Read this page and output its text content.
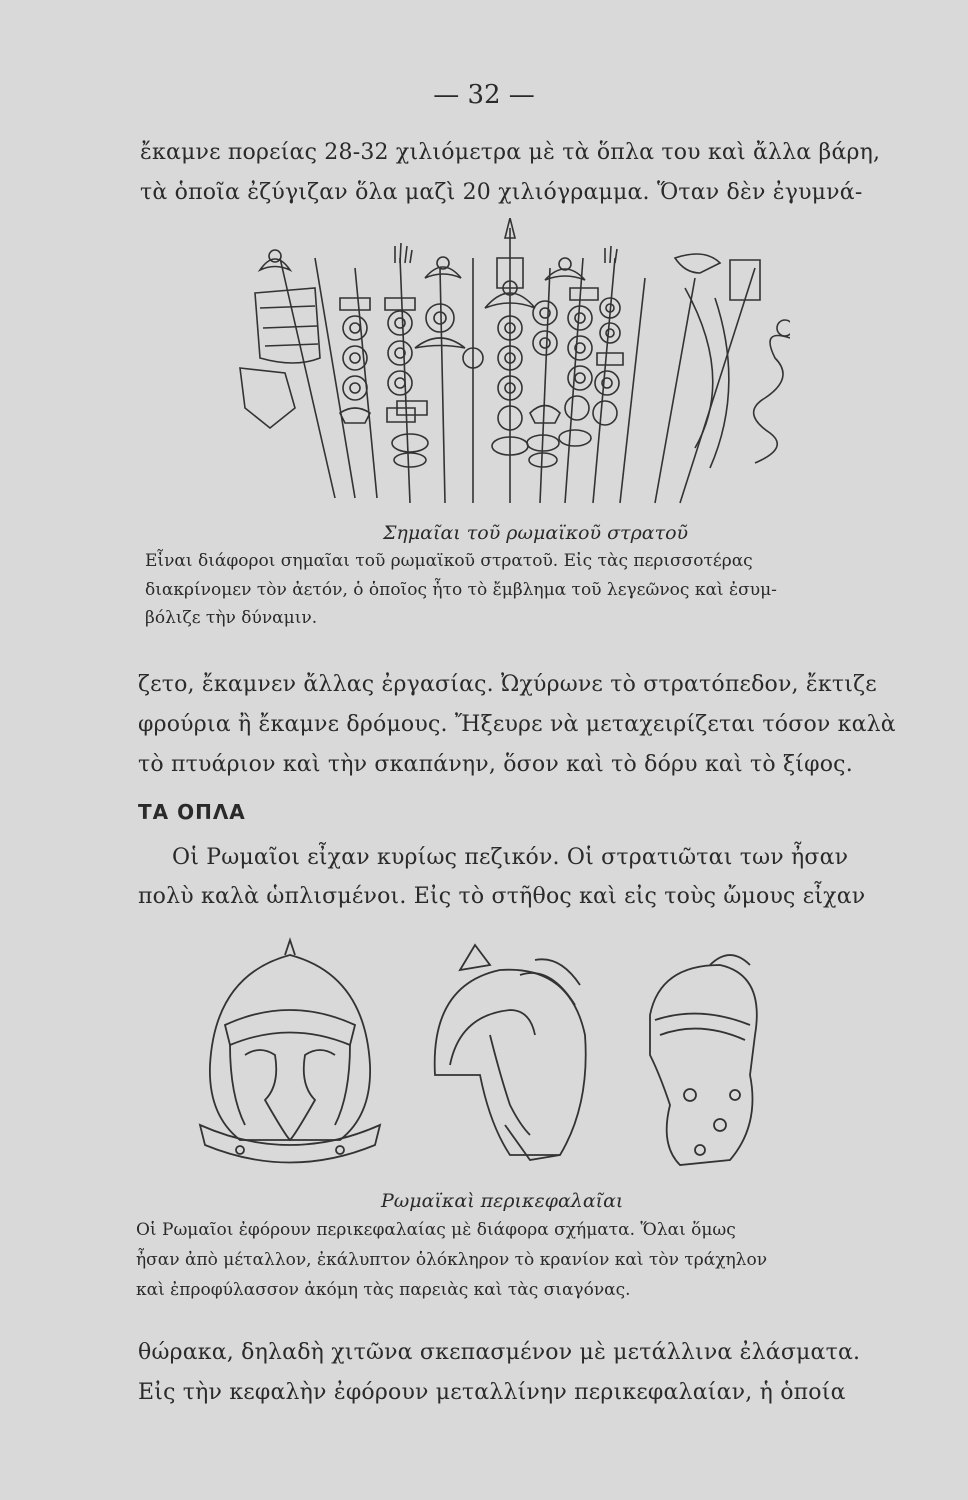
— 32 —
ἔκαμνε πορείας 28-32 χιλιόμετρα μὲ τὰ ὅπλα του καὶ ἄλλα βάρη,
τὰ ὁποῖα ἐζύγιζαν ὅλα μαζὶ 20 χιλιόγραμμα. Ὅταν δὲν ἐγυμνά-
Σημαῖαι τοῦ ρωμαϊκοῦ στρατοῦ
Εἶναι διάφοροι σημαῖαι τοῦ ρωμαϊκοῦ στρατοῦ. Εἰς τὰς περισσοτέρας
διακρίνομεν τὸν ἀετόν, ὁ ὁποῖος ἦτο τὸ ἔμβλημα τοῦ λεγεῶνος καὶ ἐσυμ-
βόλιζε τὴν δύναμιν.
ζετο, ἔκαμνεν ἄλλας ἐργασίας. Ὠχύρωνε τὸ στρατόπεδον, ἔκτιζε
φρούρια ἢ ἔκαμνε δρόμους. Ἤξευρε νὰ μεταχειρίζεται τόσον καλὰ
τὸ πτυάριον καὶ τὴν σκαπάνην, ὅσον καὶ τὸ δόρυ καὶ τὸ ξίφος.
ΤΑ ΟΠΛΑ
Οἱ Ρωμαῖοι εἶχαν κυρίως πεζικόν. Οἱ στρατιῶται των ἦσαν
πολὺ καλὰ ὡπλισμένοι. Εἰς τὸ στῆθος καὶ εἰς τοὺς ὤμους εἶχαν
Ρωμαϊκαὶ περικεφαλαῖαι
Οἱ Ρωμαῖοι ἐφόρουν περικεφαλαίας μὲ διάφορα σχήματα. Ὅλαι ὅμως
ἦσαν ἀπὸ μέταλλον, ἐκάλυπτον ὁλόκληρον τὸ κρανίον καὶ τὸν τράχηλον
καὶ ἐπροφύλασσον ἀκόμη τὰς παρειὰς καὶ τὰς σιαγόνας.
θώρακα, δηλαδὴ χιτῶνα σκεπασμένον μὲ μετάλλινα ἐλάσματα.
Εἰς τὴν κεφαλὴν ἐφόρουν μεταλλίνην περικεφαλαίαν, ἡ ὁποία
